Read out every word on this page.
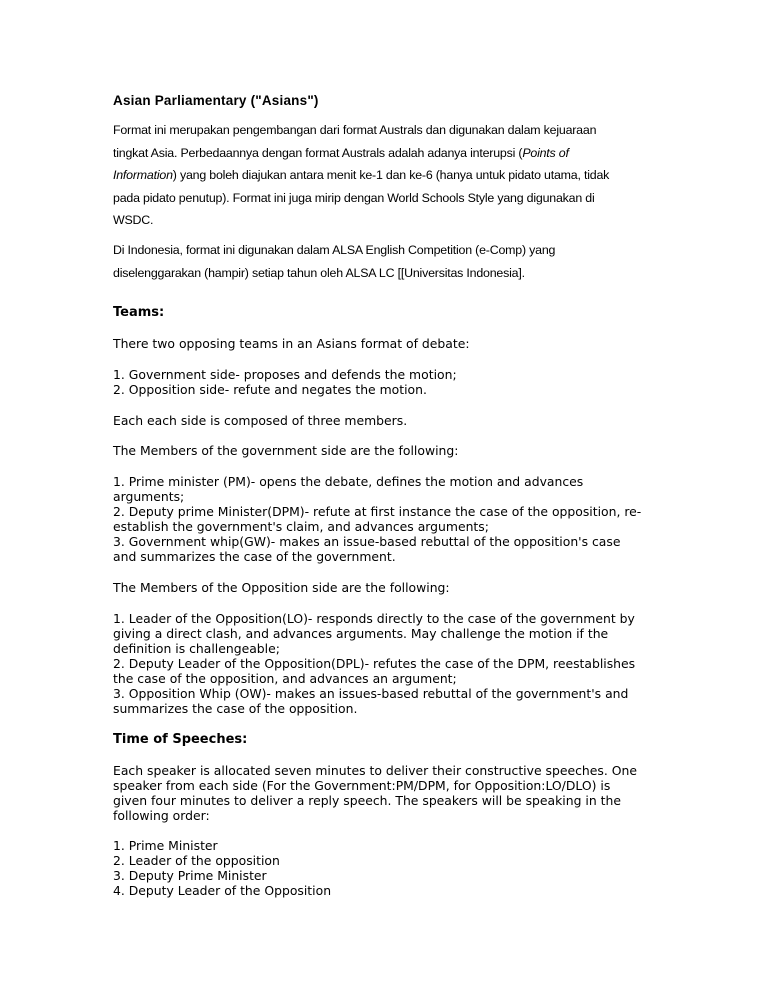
Asian Parliamentary ("Asians")

Format ini merupakan pengembangan dari format Australs dan digunakan dalam kejuaraan

tingkat Asia. Perbedaannya dengan format Australs adalah adanya interupsi (Points of

Information) yang boleh diajukan antara menit ke-1 dan ke-6 (hanya untuk pidato utama, tidak

pada pidato penutup). Format ini juga mirip dengan World Schools Style yang digunakan di

WSDC.

Di Indonesia, format ini digunakan dalam ALSA English Competition (e-Comp) yang

diselenggarakan (hampir) setiap tahun oleh ALSA LC [[Universitas Indonesia].

Teams:

There two opposing teams in an Asians format of debate:

1. Government side- proposes and defends the motion;

2. Opposition side- refute and negates the motion.

Each each side is composed of three members.

The Members of the government side are the following:

1. Prime minister (PM)- opens the debate, defines the motion and advances

arguments;

2. Deputy prime Minister(DPM)- refute at first instance the case of the opposition, re-

establish the government's claim, and advances arguments;

3. Government whip(GW)- makes an issue-based rebuttal of the opposition's case

and summarizes the case of the government.

The Members of the Opposition side are the following:

1. Leader of the Opposition(LO)- responds directly to the case of the government by

giving a direct clash, and advances arguments. May challenge the motion if the

definition is challengeable;

2. Deputy Leader of the Opposition(DPL)- refutes the case of the DPM, reestablishes

the case of the opposition, and advances an argument;

3. Opposition Whip (OW)- makes an issues-based rebuttal of the government's and

summarizes the case of the opposition.

Time of Speeches:

Each speaker is allocated seven minutes to deliver their constructive speeches. One

speaker from each side (For the Government:PM/DPM, for Opposition:LO/DLO) is

given four minutes to deliver a reply speech. The speakers will be speaking in the

following order:

1. Prime Minister

2. Leader of the opposition

3. Deputy Prime Minister

4. Deputy Leader of the Opposition
